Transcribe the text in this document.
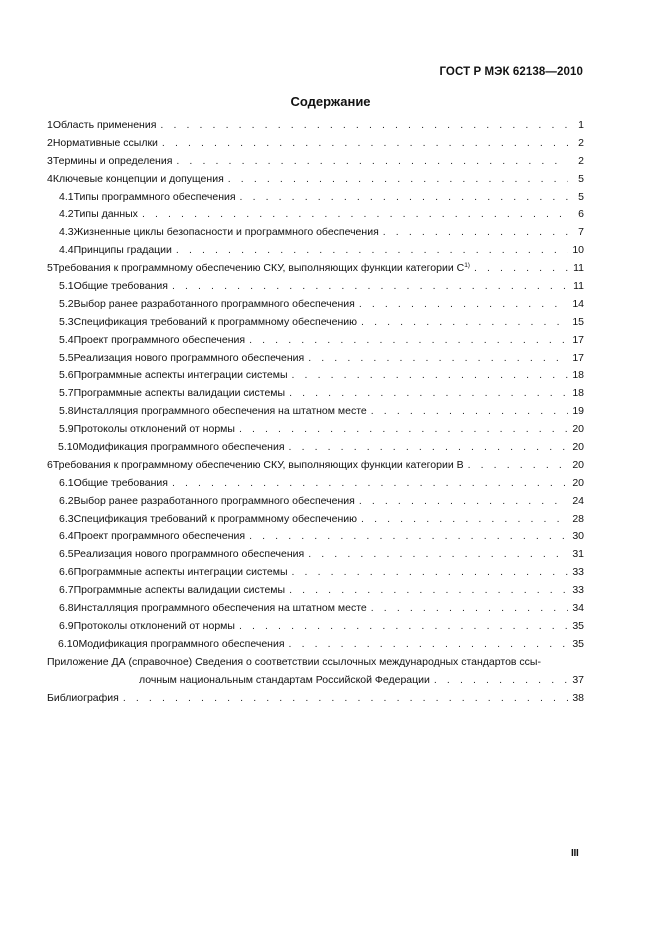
ГОСТ Р МЭК 62138—2010
Содержание
1 Область применения . . .	1
2 Нормативные ссылки . . .	2
3 Термины и определения . . .	2
4 Ключевые концепции и допущения . . .	5
4.1 Типы программного обеспечения . . .	5
4.2 Типы данных . . .	6
4.3 Жизненные циклы безопасности и программного обеспечения . . .	7
4.4 Принципы градации . . .	10
5 Требования к программному обеспечению СКУ, выполняющих функции категории $С^{1)}$ . . .	11
5.1 Общие требования . . .	11
5.2 Выбор ранее разработанного программного обеспечения . . .	14
5.3 Спецификация требований к программному обеспечению . . .	15
5.4 Проект программного обеспечения . . .	17
5.5 Реализация нового программного обеспечения . . .	17
5.6 Программные аспекты интеграции системы . . .	18
5.7 Программные аспекты валидации системы . . .	18
5.8 Инсталляция программного обеспечения на штатном месте . . .	19
5.9 Протоколы отклонений от нормы . . .	20
5.10 Модификация программного обеспечения . . .	20
6 Требования к программному обеспечению СКУ, выполняющих функции категории В . . .	20
6.1 Общие требования . . .	20
6.2 Выбор ранее разработанного программного обеспечения . . .	24
6.3 Спецификация требований к программному обеспечению . . .	28
6.4 Проект программного обеспечения . . .	30
6.5 Реализация нового программного обеспечения . . .	31
6.6 Программные аспекты интеграции системы . . .	33
6.7 Программные аспекты валидации системы . . .	33
6.8 Инсталляция программного обеспечения на штатном месте . . .	34
6.9 Протоколы отклонений от нормы . . .	35
6.10 Модификация программного обеспечения . . .	35
Приложение ДА (справочное) Сведения о соответствии ссылочных международных стандартов ссы-
лочным национальным стандартам Российской Федерации . . .	37
Библиография . . .	38
III
